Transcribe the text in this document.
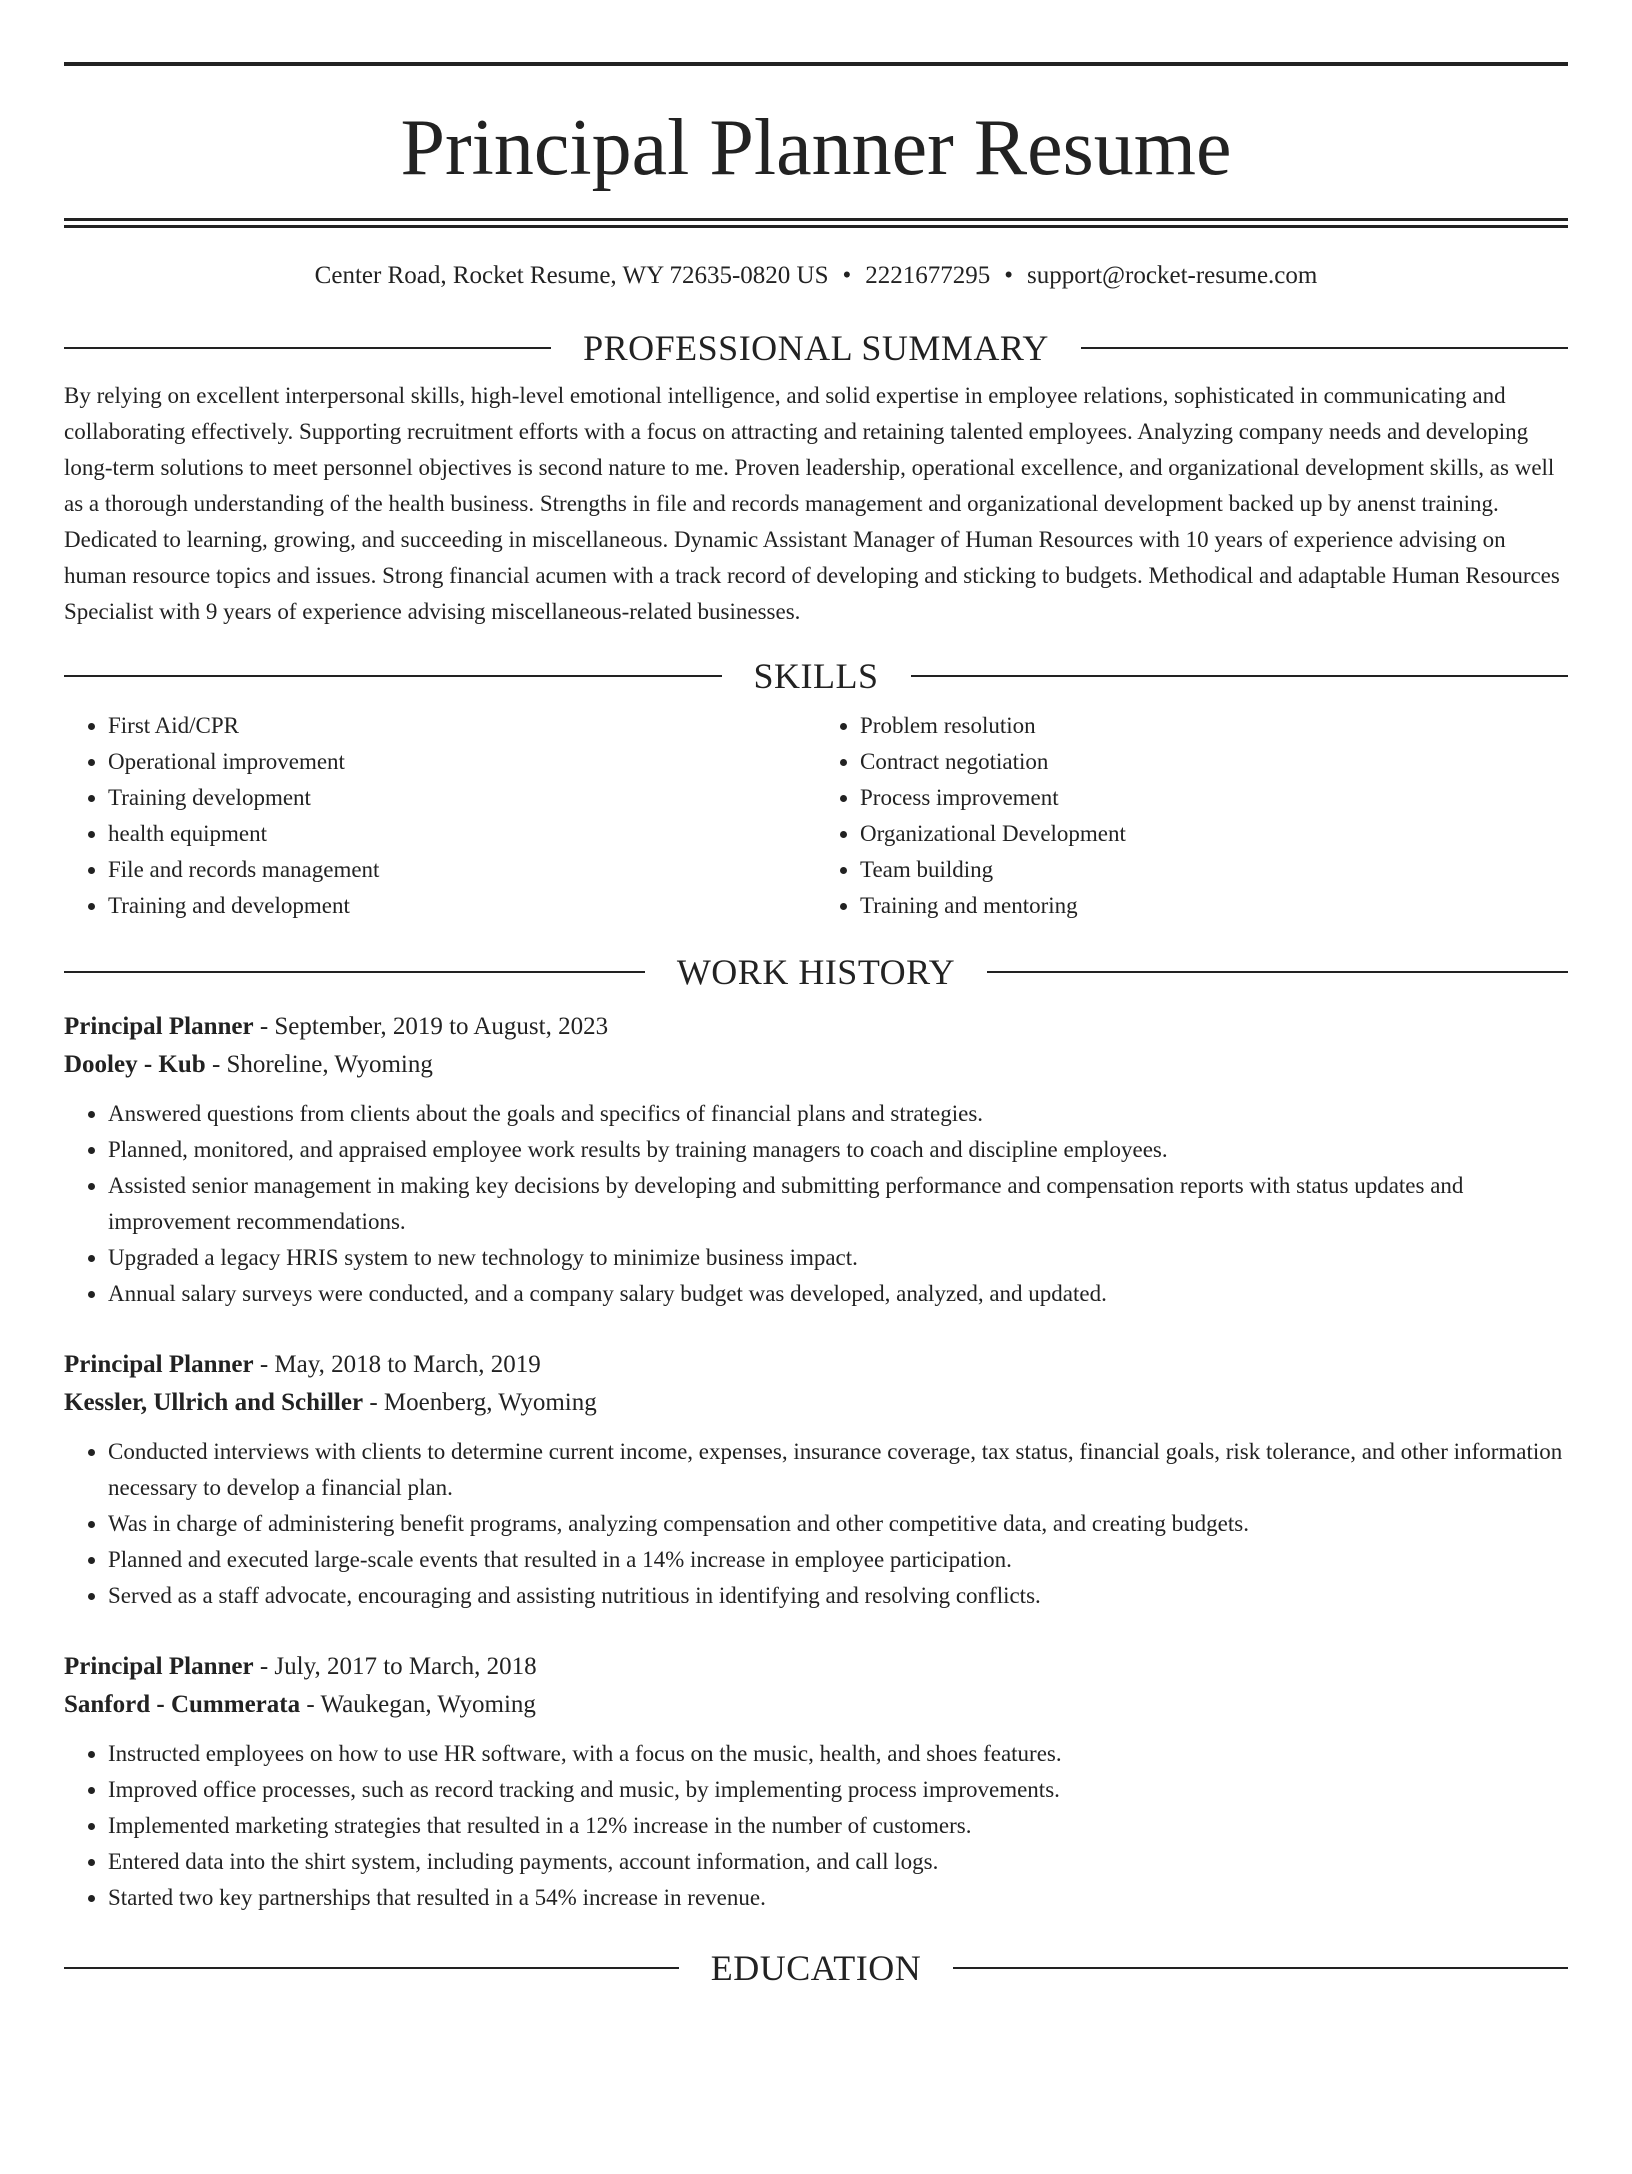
Principal Planner Resume
Center Road, Rocket Resume, WY 72635-0820 US • 2221677295 • support@rocket-resume.com
PROFESSIONAL SUMMARY

By relying on excellent interpersonal skills, high-level emotional intelligence, and solid expertise in employee relations, sophisticated in communicating and collaborating effectively. Supporting recruitment efforts with a focus on attracting and retaining talented employees. Analyzing company needs and developing long-term solutions to meet personnel objectives is second nature to me. Proven leadership, operational excellence, and organizational development skills, as well as a thorough understanding of the health business. Strengths in file and records management and organizational development backed up by anenst training. Dedicated to learning, growing, and succeeding in miscellaneous. Dynamic Assistant Manager of Human Resources with 10 years of experience advising on human resource topics and issues. Strong financial acumen with a track record of developing and sticking to budgets. Methodical and adaptable Human Resources Specialist with 9 years of experience advising miscellaneous-related businesses.

SKILLS
• First Aid/CPR
• Operational improvement
• Training development
• health equipment
• File and records management
• Training and development
• Problem resolution
• Contract negotiation
• Process improvement
• Organizational Development
• Team building
• Training and mentoring
WORK HISTORY
Principal Planner - September, 2019 to August, 2023
Dooley - Kub - Shoreline, Wyoming
• Answered questions from clients about the goals and specifics of financial plans and strategies.
• Planned, monitored, and appraised employee work results by training managers to coach and discipline employees.
• Assisted senior management in making key decisions by developing and submitting performance and compensation reports with status updates and improvement recommendations.
• Upgraded a legacy HRIS system to new technology to minimize business impact.
• Annual salary surveys were conducted, and a company salary budget was developed, analyzed, and updated.
Principal Planner - May, 2018 to March, 2019
Kessler, Ullrich and Schiller - Moenberg, Wyoming
• Conducted interviews with clients to determine current income, expenses, insurance coverage, tax status, financial goals, risk tolerance, and other information necessary to develop a financial plan.
• Was in charge of administering benefit programs, analyzing compensation and other competitive data, and creating budgets.
• Planned and executed large-scale events that resulted in a 14% increase in employee participation.
• Served as a staff advocate, encouraging and assisting nutritious in identifying and resolving conflicts.
Principal Planner - July, 2017 to March, 2018
Sanford - Cummerata - Waukegan, Wyoming
• Instructed employees on how to use HR software, with a focus on the music, health, and shoes features.
• Improved office processes, such as record tracking and music, by implementing process improvements.
• Implemented marketing strategies that resulted in a 12% increase in the number of customers.
• Entered data into the shirt system, including payments, account information, and call logs.
• Started two key partnerships that resulted in a 54% increase in revenue.
EDUCATION
